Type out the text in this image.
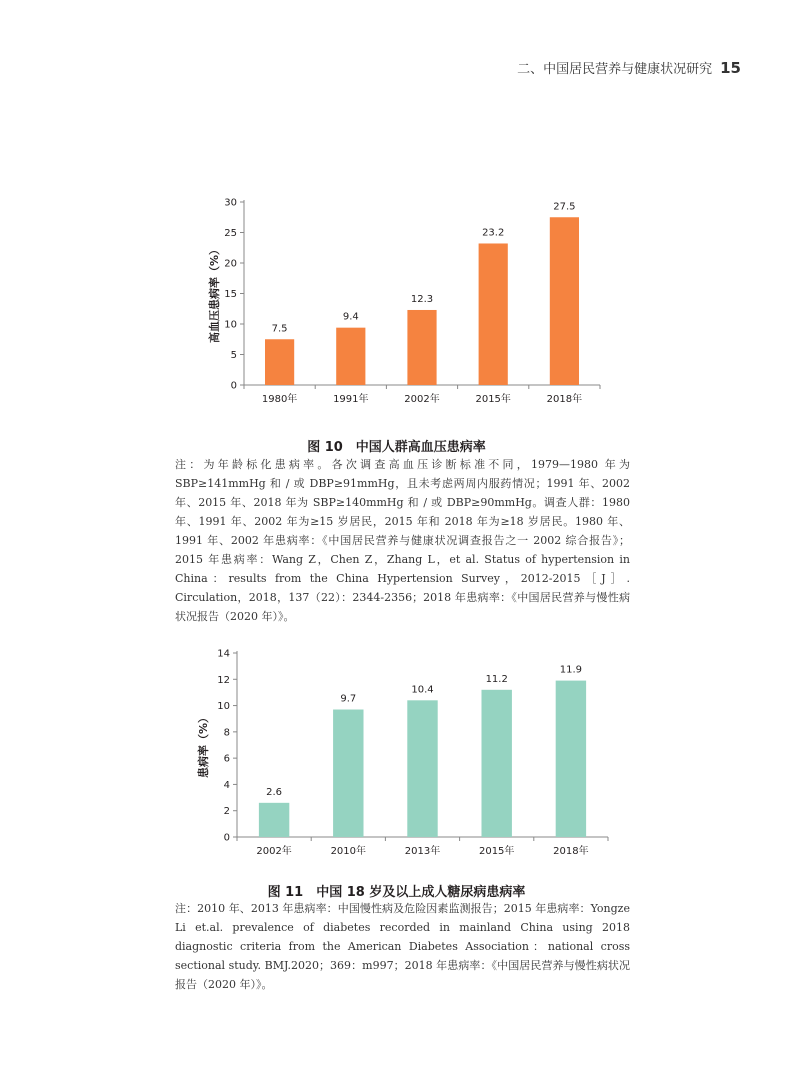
二、中国居民营养与健康状况研究 15
0
5
10
15
20
25
30
7.5
1980年
9.4
1991年
12.3
2002年
23.2
2015年
27.5
2018年
高血压患病率（%）
图 10　中国人群高血压患病率
注：为年龄标化患病率。各次调查高血压诊断标准不同，1979—1980 年为 SBP≥141mmHg 和 / 或 DBP≥91mmHg，且未考虑两周内服药情况；1991 年、2002 年、2015 年、2018 年为 SBP≥140mmHg 和 / 或 DBP≥90mmHg。调查人群：1980 年、1991 年、2002 年为≥15 岁居民，2015 年和 2018 年为≥18 岁居民。1980 年、1991 年、2002 年患病率：《中国居民营养与健康状况调查报告之一 2002 综合报告》；2015 年患病率：Wang Z，Chen Z，Zhang L，et al. Status of hypertension in China：results from the China Hypertension Survey，2012-2015［J］. Circulation，2018，137（22）：2344-2356；2018 年患病率：《中国居民营养与慢性病状况报告（2020 年）》。
0
2
4
6
8
10
12
14
2.6
2002年
9.7
2010年
10.4
2013年
11.2
2015年
11.9
2018年
患病率（%）
图 11　中国 18 岁及以上成人糖尿病患病率
注：2010 年、2013 年患病率：中国慢性病及危险因素监测报告；2015 年患病率：Yongze Li et.al. prevalence of diabetes recorded in mainland China using 2018 diagnostic criteria from the American Diabetes Association：national cross sectional study. BMJ.2020；369：m997；2018 年患病率：《中国居民营养与慢性病状况报告（2020 年）》。
